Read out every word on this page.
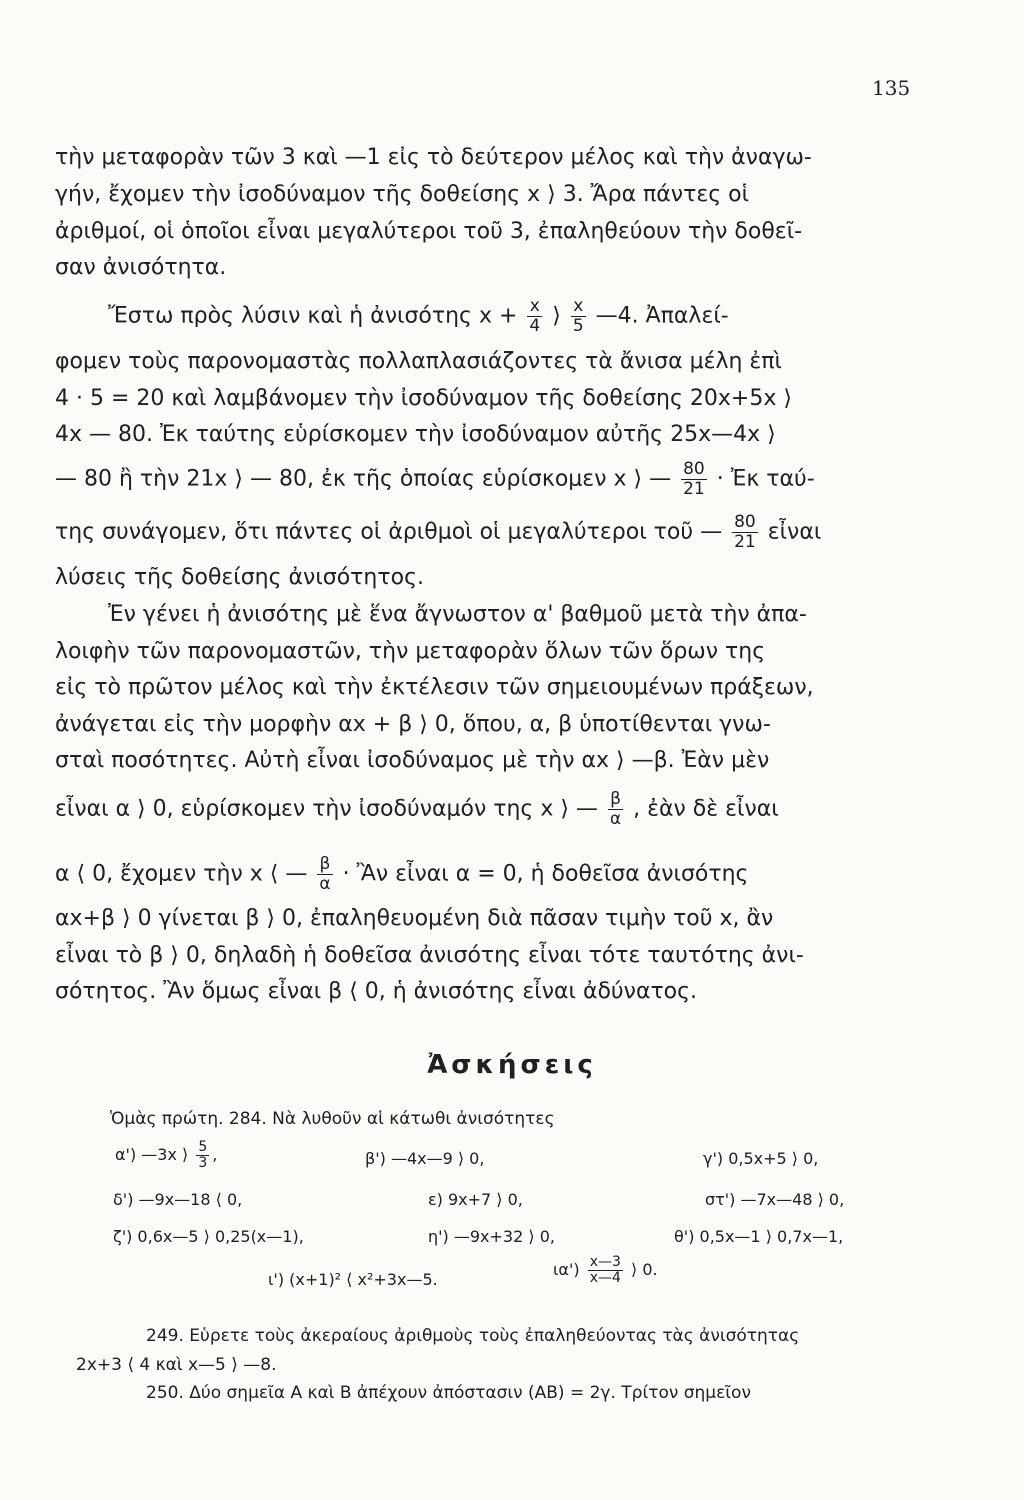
135
τὴν μεταφορὰν τῶν 3 καὶ —1 εἰς τὸ δεύτερον μέλος καὶ τὴν ἀναγω-
γήν, ἔχομεν τὴν ἰσοδύναμον τῆς δοθείσης x ⟩ 3. Ἄρα πάντες οἱ
ἀριθμοί, οἱ ὁποῖοι εἶναι μεγαλύτεροι τοῦ 3, ἐπαληθεύουν τὴν δοθεῖ-
σαν ἀνισότητα.
Ἔστω πρὸς λύσιν καὶ ἡ ἀνισότης $x + \frac{x}{4}$ ⟩ $\frac{x}{5}$ —4. Ἀπαλεί-
φομεν τοὺς παρονομαστὰς πολλαπλασιάζοντες τὰ ἄνισα μέλη ἐπὶ
4 · 5 = 20 καὶ λαμβάνομεν τὴν ἰσοδύναμον τῆς δοθείσης 20x+5x ⟩
4x — 80. Ἐκ ταύτης εὑρίσκομεν τὴν ἰσοδύναμον αὐτῆς 25x—4x ⟩
— 80 ἢ τὴν 21x ⟩ — 80, ἐκ τῆς ὁποίας εὑρίσκομεν x ⟩ — $\frac{80}{21}$ · Ἐκ ταύ-
της συνάγομεν, ὅτι πάντες οἱ ἀριθμοὶ οἱ μεγαλύτεροι τοῦ — $\frac{80}{21}$ εἶναι
λύσεις τῆς δοθείσης ἀνισότητος.
Ἐν γένει ἡ ἀνισότης μὲ ἕνα ἄγνωστον α' βαθμοῦ μετὰ τὴν ἀπα-
λοιφὴν τῶν παρονομαστῶν, τὴν μεταφορὰν ὅλων τῶν ὅρων της
εἰς τὸ πρῶτον μέλος καὶ τὴν ἐκτέλεσιν τῶν σημειουμένων πράξεων,
ἀνάγεται εἰς τὴν μορφὴν αx + β ⟩ 0, ὅπου, α, β ὑποτίθενται γνω-
σταὶ ποσότητες. Αὐτὴ εἶναι ἰσοδύναμος μὲ τὴν αx ⟩ —β. Ἐὰν μὲν
εἶναι α ⟩ 0, εὑρίσκομεν τὴν ἰσοδύναμόν της x ⟩ — $\frac{\beta}{\alpha}$ , ἐὰν δὲ εἶναι
α ⟨ 0, ἔχομεν τὴν x ⟨ — $\frac{\beta}{\alpha}$ · Ἂν εἶναι α = 0, ἡ δοθεῖσα ἀνισότης
αx+β ⟩ 0 γίνεται β ⟩ 0, ἐπαληθευομένη διὰ πᾶσαν τιμὴν τοῦ x, ἂν
εἶναι τὸ β ⟩ 0, δηλαδὴ ἡ δοθεῖσα ἀνισότης εἶναι τότε ταυτότης ἀνι-
σότητος. Ἂν ὅμως εἶναι β ⟨ 0, ἡ ἀνισότης εἶναι ἀδύνατος.
Ἀσκήσεις
Ὁμὰς πρώτη. 284. Νὰ λυθοῦν αἱ κάτωθι ἀνισότητες
α') —3x ⟩ $\frac{5}{3}$ ,	β') —4x—9 ⟩ 0,	γ') 0,5x+5 ⟩ 0,
δ') —9x—18 ⟨ 0,	ε) 9x+7 ⟩ 0,	στ') —7x—48 ⟩ 0,
ζ') 0,6x—5 ⟩ 0,25(x—1),	η') —9x+32 ⟩ 0,	θ') 0,5x—1 ⟩ 0,7x—1,
ι') (x+1)² ⟨ x²+3x—5.
$\iota\alpha') \frac{x—3}{x—4}$ ⟩ 0.
249. Εὑρετε τοὺς ἀκεραίους ἀριθμοὺς τοὺς ἐπαληθεύοντας τὰς ἀνισότητας
2x+3 ⟨ 4 καὶ x—5 ⟩ —8.
250. Δύο σημεῖα Α καὶ Β ἀπέχουν ἀπόστασιν (ΑΒ) = 2γ. Τρίτον σημεῖον
